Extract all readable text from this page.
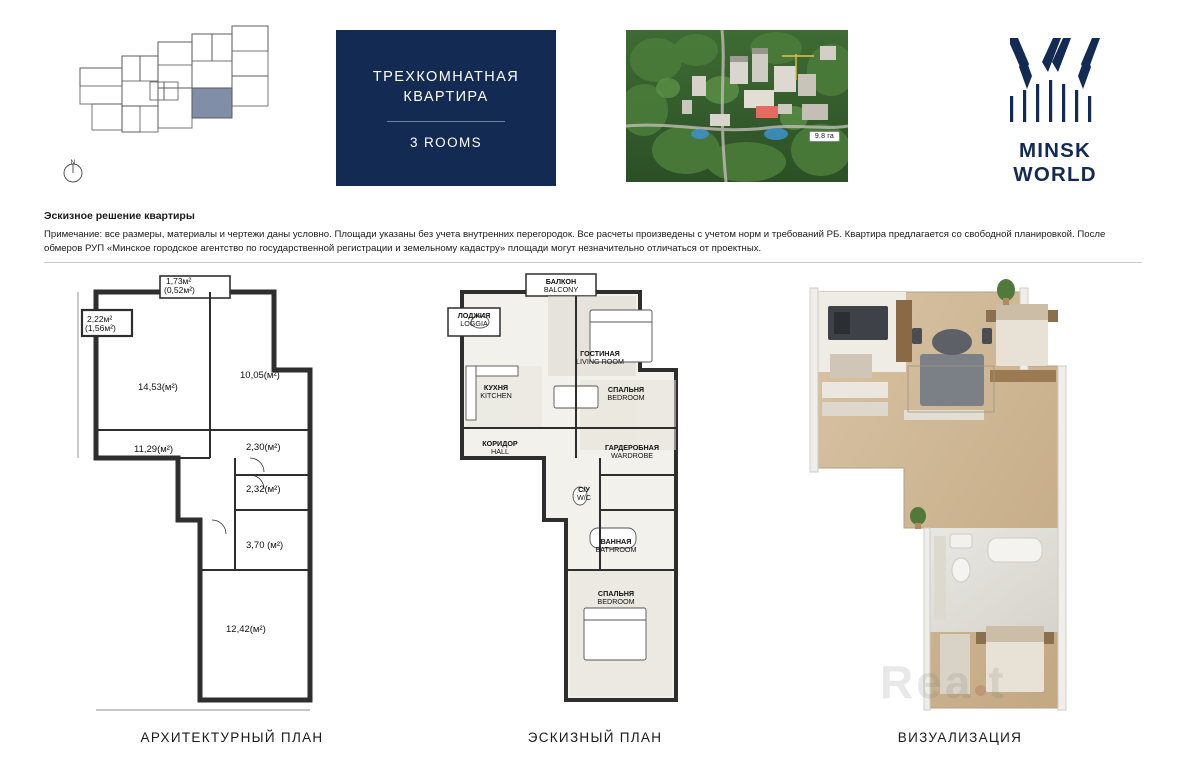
N
ТРЕХКОМНАТНАЯ
КВАРТИРА
3 ROOMS	9.8 га
MINSK WORLD
Эскизное решение квартиры

Примечание: все размеры, материалы и чертежи даны условно. Площади указаны без учета внутренних перегородок. Все расчеты произведены с учетом норм и требований РБ. Квартира предлагается со свободной планировкой. После обмеров РУП «Минское городское агентство по государственной регистрации и земельному кадастру» площади могут незначительно отличаться от проектных.

1,73м²
(0,52м²)
2,22м²
(1,56м²)
10,05(м²)
14,53(м²)
11,29(м²)	2,30(м²)
2,32(м²)
3,70 (м²)
12,42(м²)
БАЛКОН
BALCONY
ЛОДЖИЯ
LOGGIA
ГОСТИНАЯ
LIVING ROOM
КУХНЯ
KITCHEN
СПАЛЬНЯ
BEDROOM
КОРИДОР
HALL	ГАРДЕРОБНАЯ
WARDROBE
С/У
W/C
ВАННАЯ
BATHROOM
СПАЛЬНЯ
BEDROOM
Rea t
АРХИТЕКТУРНЫЙ ПЛАН	ЭСКИЗНЫЙ ПЛАН	ВИЗУАЛИЗАЦИЯ
